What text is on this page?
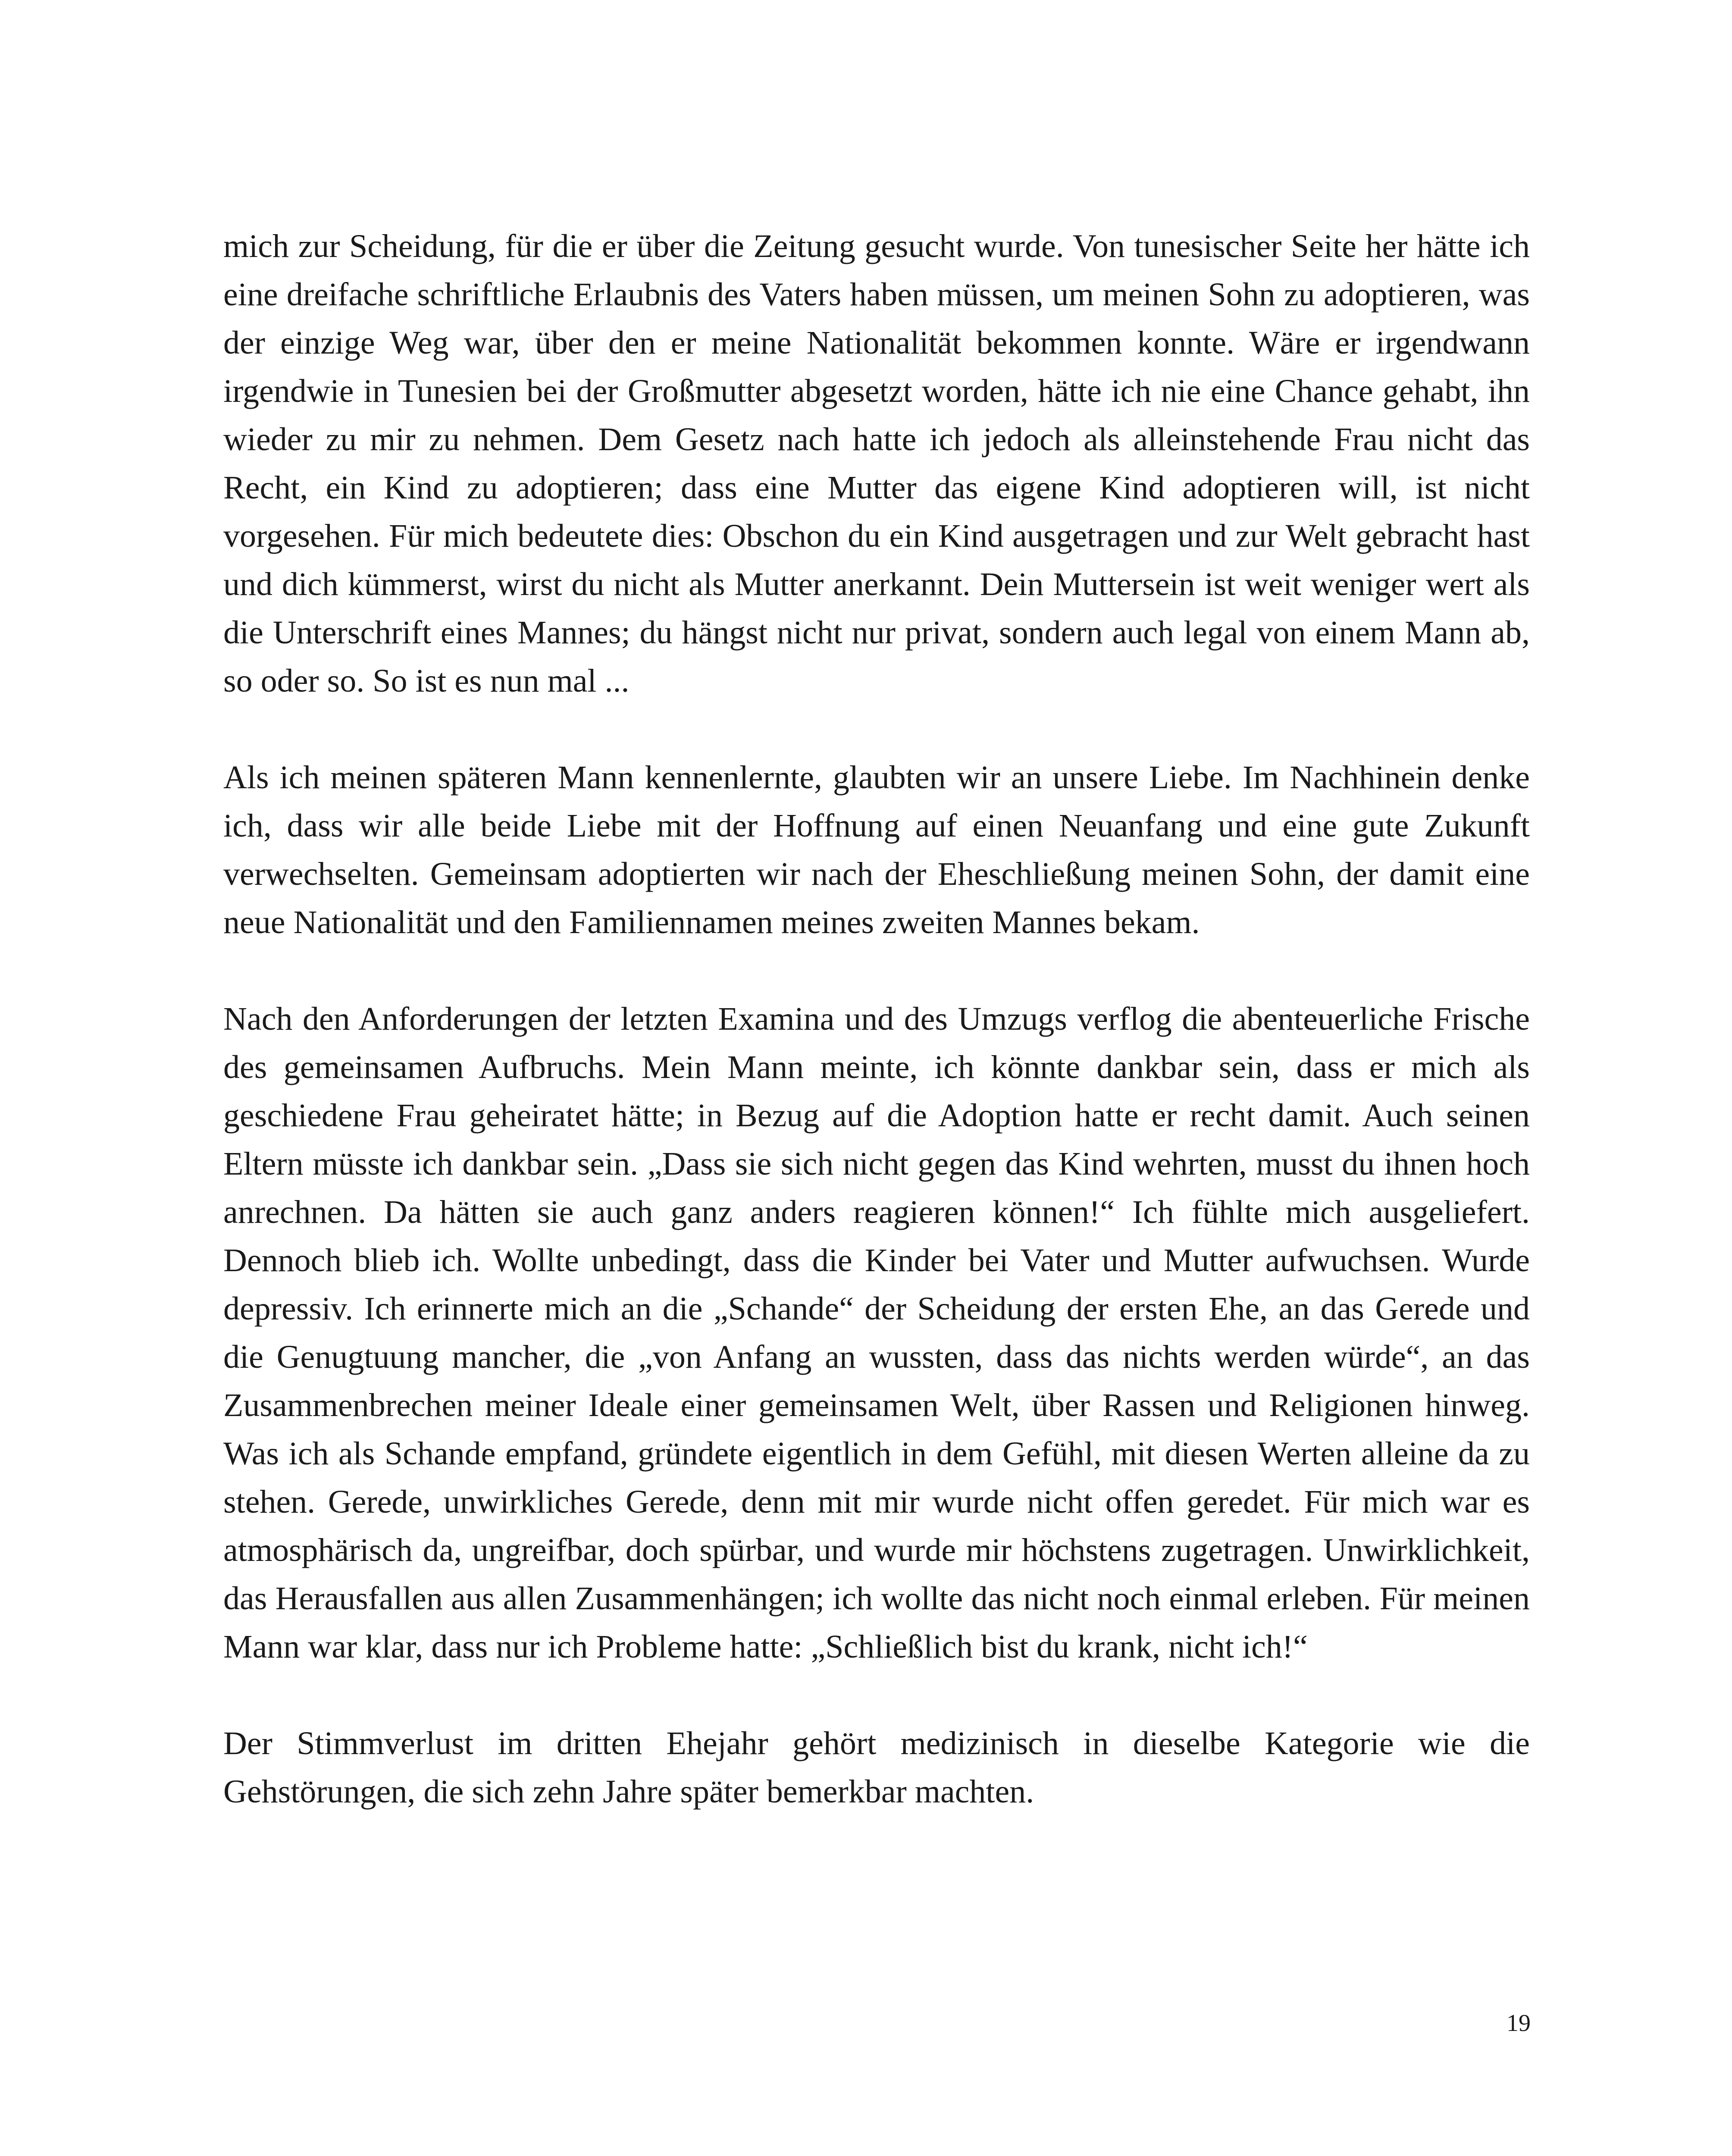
mich zur Scheidung, für die er über die Zeitung gesucht wurde. Von tunesischer Seite her hätte ich eine dreifache schriftliche Erlaubnis des Vaters haben müssen, um meinen Sohn zu adoptieren, was der einzige Weg war, über den er meine Nationalität bekommen konnte. Wäre er irgendwann irgendwie in Tunesien bei der Großmutter abgesetzt worden, hätte ich nie eine Chance gehabt, ihn wieder zu mir zu nehmen. Dem Gesetz nach hatte ich jedoch als alleinstehende Frau nicht das Recht, ein Kind zu adoptieren; dass eine Mutter das eigene Kind adoptieren will, ist nicht vorgesehen. Für mich bedeutete dies: Obschon du ein Kind ausgetragen und zur Welt gebracht hast und dich kümmerst, wirst du nicht als Mutter anerkannt. Dein Muttersein ist weit weniger wert als die Unterschrift eines Mannes; du hängst nicht nur privat, sondern auch legal von einem Mann ab, so oder so. So ist es nun mal ...

Als ich meinen späteren Mann kennenlernte, glaubten wir an unsere Liebe. Im Nachhinein denke ich, dass wir alle beide Liebe mit der Hoffnung auf einen Neuanfang und eine gute Zukunft verwechselten. Gemeinsam adoptierten wir nach der Eheschließung meinen Sohn, der damit eine neue Nationalität und den Familiennamen meines zweiten Mannes bekam.

Nach den Anforderungen der letzten Examina und des Umzugs verflog die abenteuerliche Frische des gemeinsamen Aufbruchs. Mein Mann meinte, ich könnte dankbar sein, dass er mich als geschiedene Frau geheiratet hätte; in Bezug auf die Adoption hatte er recht damit. Auch seinen Eltern müsste ich dankbar sein. „Dass sie sich nicht gegen das Kind wehrten, musst du ihnen hoch anrechnen. Da hätten sie auch ganz anders reagieren können!“ Ich fühlte mich ausgeliefert. Dennoch blieb ich. Wollte unbedingt, dass die Kinder bei Vater und Mutter aufwuchsen. Wurde depressiv. Ich erinnerte mich an die „Schande“ der Scheidung der ersten Ehe, an das Gerede und die Genugtuung mancher, die „von Anfang an wussten, dass das nichts werden würde“, an das Zusammenbrechen meiner Ideale einer gemeinsamen Welt, über Rassen und Religionen hinweg. Was ich als Schande empfand, gründete eigentlich in dem Gefühl, mit diesen Werten alleine da zu stehen. Gerede, unwirkliches Gerede, denn mit mir wurde nicht offen geredet. Für mich war es atmosphärisch da, ungreifbar, doch spürbar, und wurde mir höchstens zugetragen. Unwirklichkeit, das Herausfallen aus allen Zusammenhängen; ich wollte das nicht noch einmal erleben. Für meinen Mann war klar, dass nur ich Probleme hatte: „Schließlich bist du krank, nicht ich!“

Der Stimmverlust im dritten Ehejahr gehört medizinisch in dieselbe Kategorie wie die Gehstörungen, die sich zehn Jahre später bemerkbar machten.

19
